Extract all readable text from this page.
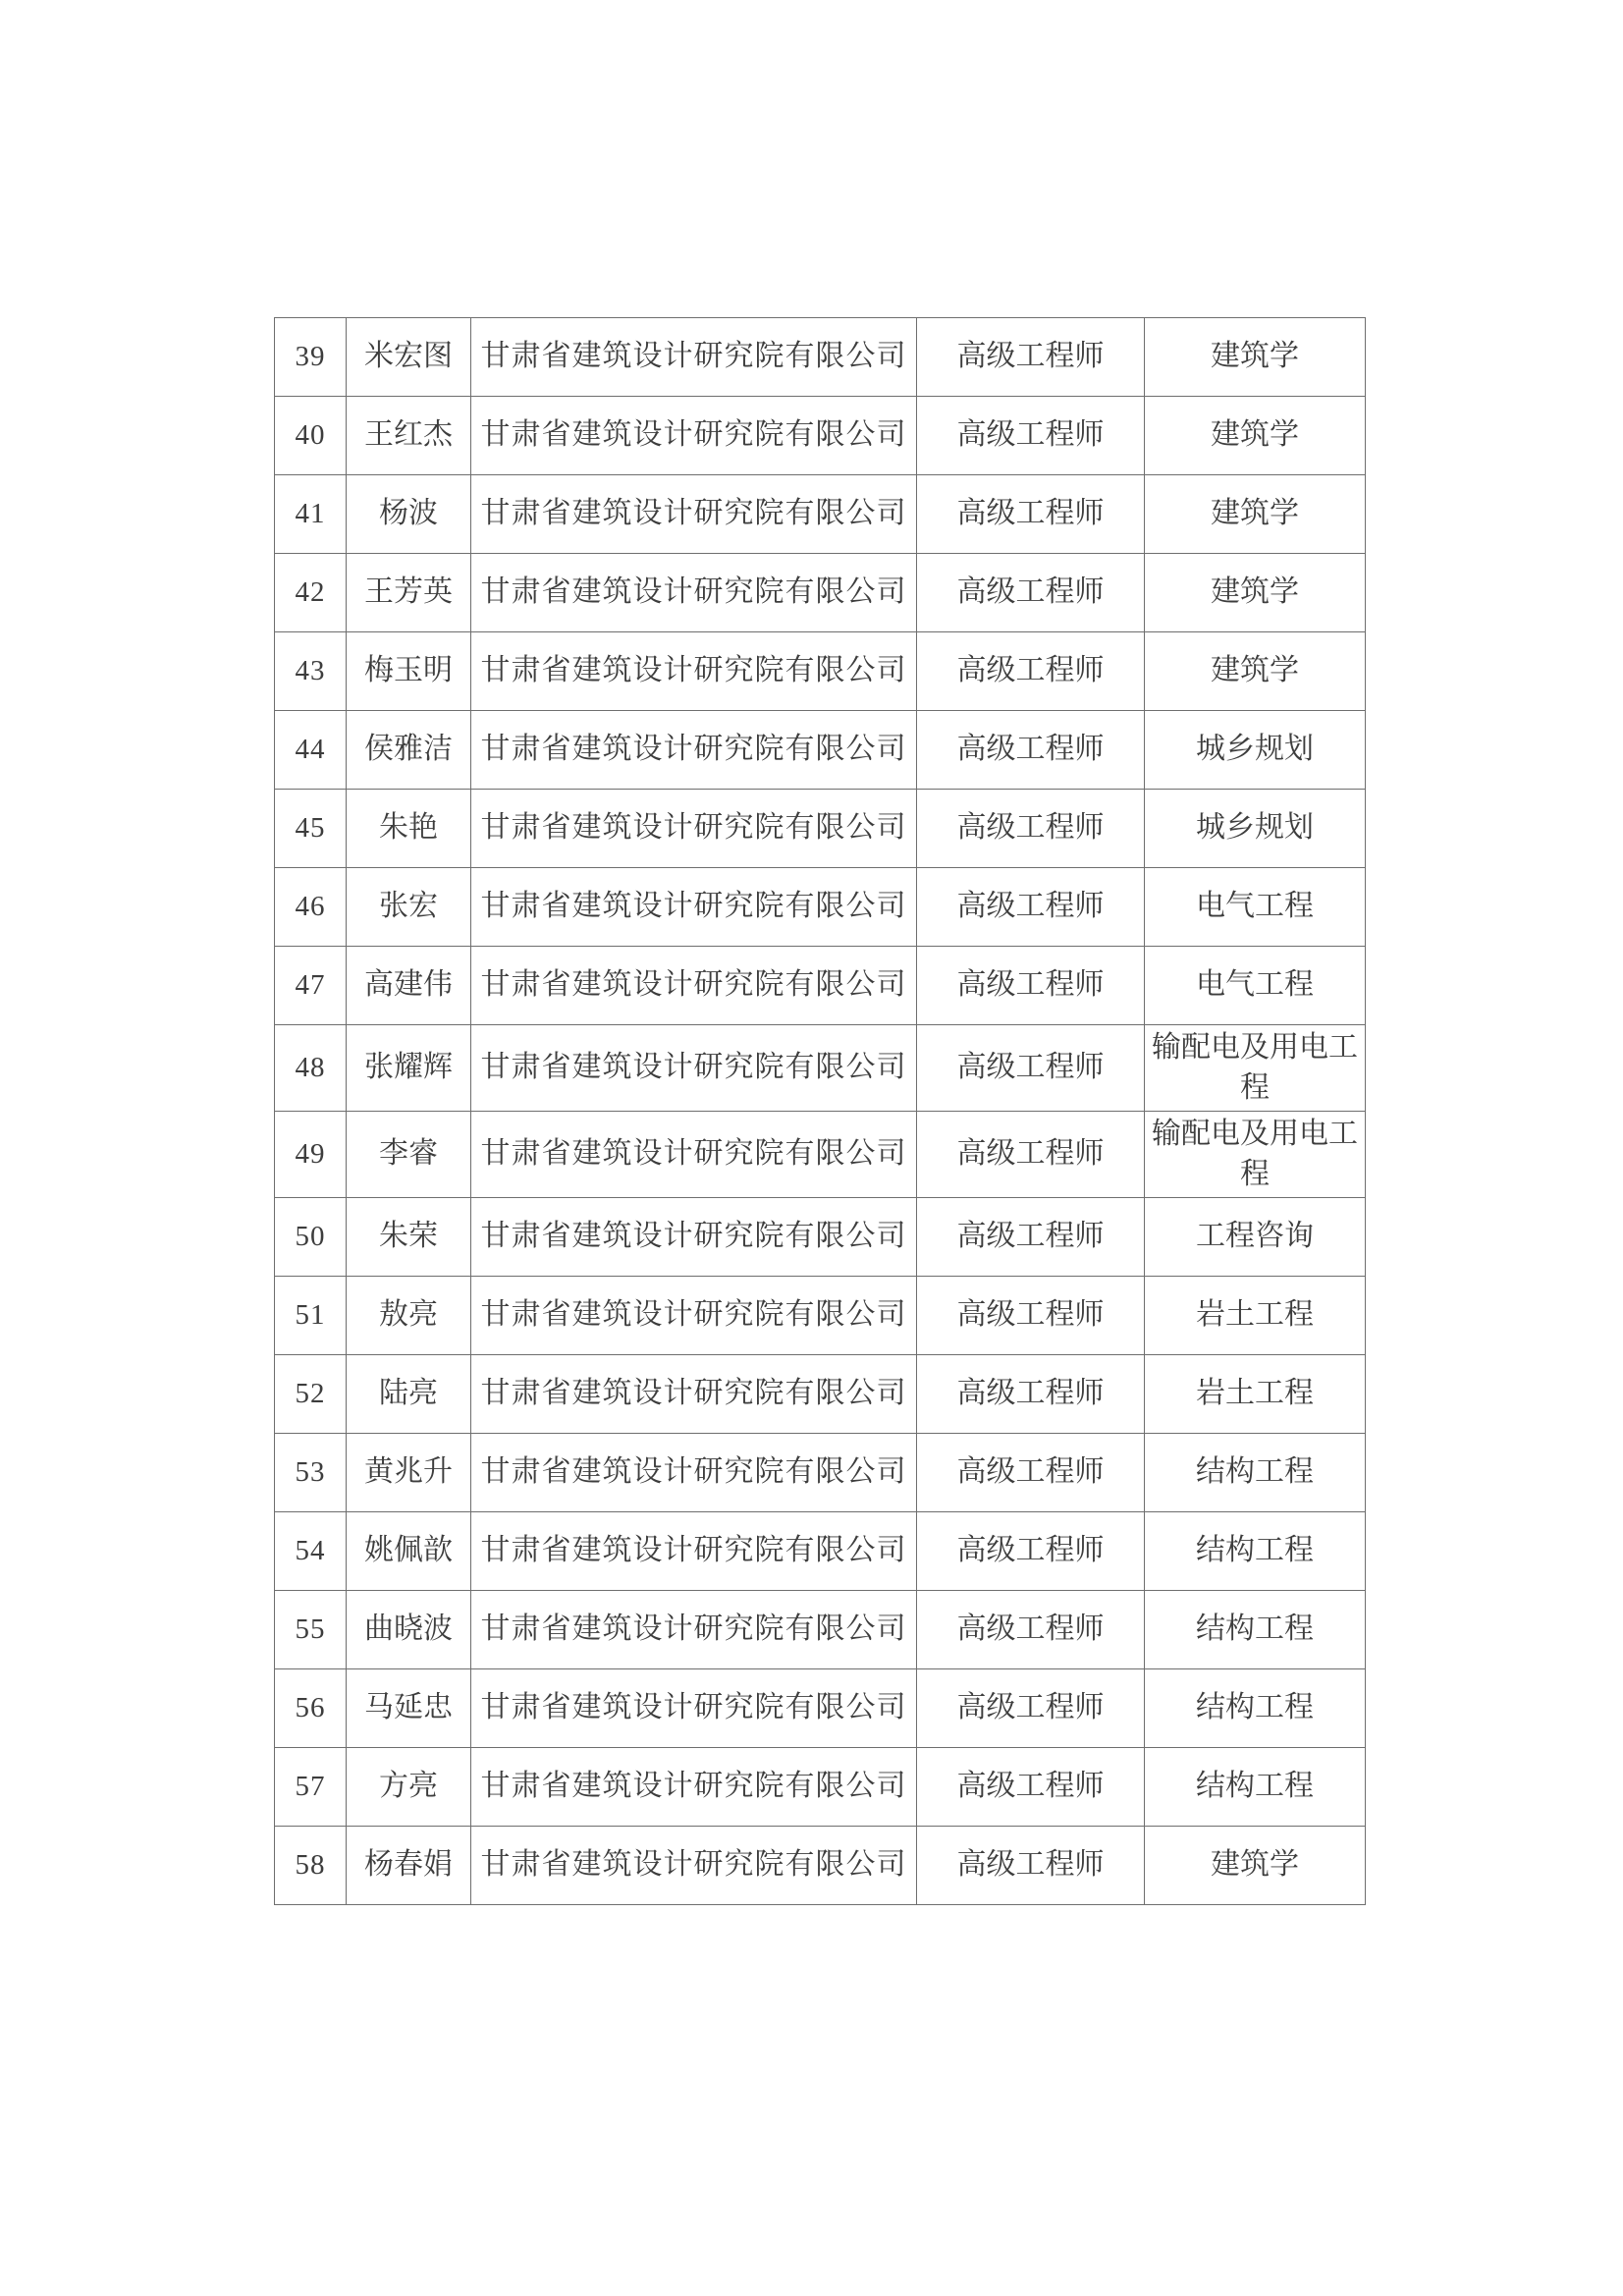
39	米宏图	甘肃省建筑设计研究院有限公司	高级工程师	建筑学
40	王红杰	甘肃省建筑设计研究院有限公司	高级工程师	建筑学
41	杨波	甘肃省建筑设计研究院有限公司	高级工程师	建筑学
42	王芳英	甘肃省建筑设计研究院有限公司	高级工程师	建筑学
43	梅玉明	甘肃省建筑设计研究院有限公司	高级工程师	建筑学
44	侯雅洁	甘肃省建筑设计研究院有限公司	高级工程师	城乡规划
45	朱艳	甘肃省建筑设计研究院有限公司	高级工程师	城乡规划
46	张宏	甘肃省建筑设计研究院有限公司	高级工程师	电气工程
47	高建伟	甘肃省建筑设计研究院有限公司	高级工程师	电气工程
48	张耀辉	甘肃省建筑设计研究院有限公司	高级工程师	输配电及用电工程
49	李睿	甘肃省建筑设计研究院有限公司	高级工程师	输配电及用电工程
50	朱荣	甘肃省建筑设计研究院有限公司	高级工程师	工程咨询
51	敖亮	甘肃省建筑设计研究院有限公司	高级工程师	岩土工程
52	陆亮	甘肃省建筑设计研究院有限公司	高级工程师	岩土工程
53	黄兆升	甘肃省建筑设计研究院有限公司	高级工程师	结构工程
54	姚佩歆	甘肃省建筑设计研究院有限公司	高级工程师	结构工程
55	曲晓波	甘肃省建筑设计研究院有限公司	高级工程师	结构工程
56	马延忠	甘肃省建筑设计研究院有限公司	高级工程师	结构工程
57	方亮	甘肃省建筑设计研究院有限公司	高级工程师	结构工程
58	杨春娟	甘肃省建筑设计研究院有限公司	高级工程师	建筑学
